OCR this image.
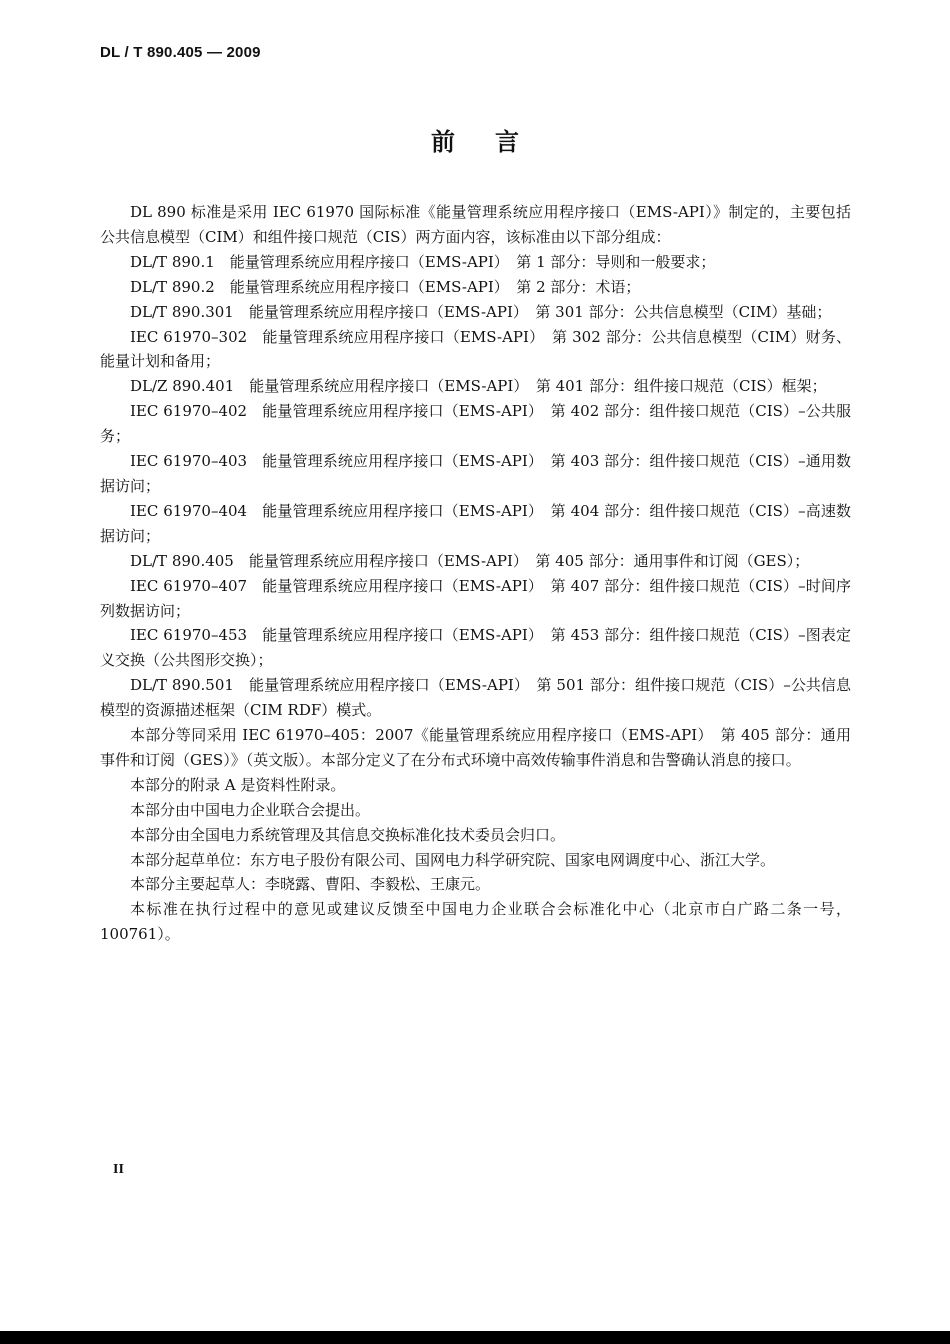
DL / T 890.405 — 2009
前言

DL 890 标准是采用 IEC 61970 国际标准《能量管理系统应用程序接口（EMS-API）》制定的，主要包括公共信息模型（CIM）和组件接口规范（CIS）两方面内容，该标准由以下部分组成：

DL/T 890.1　能量管理系统应用程序接口（EMS-API）　第 1 部分：导则和一般要求；

DL/T 890.2　能量管理系统应用程序接口（EMS-API）　第 2 部分：术语；

DL/T 890.301　能量管理系统应用程序接口（EMS-API）　第 301 部分：公共信息模型（CIM）基础；

IEC 61970–302　能量管理系统应用程序接口（EMS-API）　第 302 部分：公共信息模型（CIM）财务、能量计划和备用；

DL/Z 890.401　能量管理系统应用程序接口（EMS-API）　第 401 部分：组件接口规范（CIS）框架；

IEC 61970–402　能量管理系统应用程序接口（EMS-API）　第 402 部分：组件接口规范（CIS）–公共服务；

IEC 61970–403　能量管理系统应用程序接口（EMS-API）　第 403 部分：组件接口规范（CIS）–通用数据访问；

IEC 61970–404　能量管理系统应用程序接口（EMS-API）　第 404 部分：组件接口规范（CIS）–高速数据访问；

DL/T 890.405　能量管理系统应用程序接口（EMS-API）　第 405 部分：通用事件和订阅（GES）；

IEC 61970–407　能量管理系统应用程序接口（EMS-API）　第 407 部分：组件接口规范（CIS）–时间序列数据访问；

IEC 61970–453　能量管理系统应用程序接口（EMS-API）　第 453 部分：组件接口规范（CIS）–图表定义交换（公共图形交换）；

DL/T 890.501　能量管理系统应用程序接口（EMS-API）　第 501 部分：组件接口规范（CIS）–公共信息模型的资源描述框架（CIM RDF）模式。

本部分等同采用 IEC 61970–405：2007《能量管理系统应用程序接口（EMS-API）　第 405 部分：通用事件和订阅（GES）》（英文版）。本部分定义了在分布式环境中高效传输事件消息和告警确认消息的接口。

本部分的附录 A 是资料性附录。

本部分由中国电力企业联合会提出。

本部分由全国电力系统管理及其信息交换标准化技术委员会归口。

本部分起草单位：东方电子股份有限公司、国网电力科学研究院、国家电网调度中心、浙江大学。

本部分主要起草人：李晓露、曹阳、李毅松、王康元。

本标准在执行过程中的意见或建议反馈至中国电力企业联合会标准化中心（北京市白广路二条一号，100761）。

II
